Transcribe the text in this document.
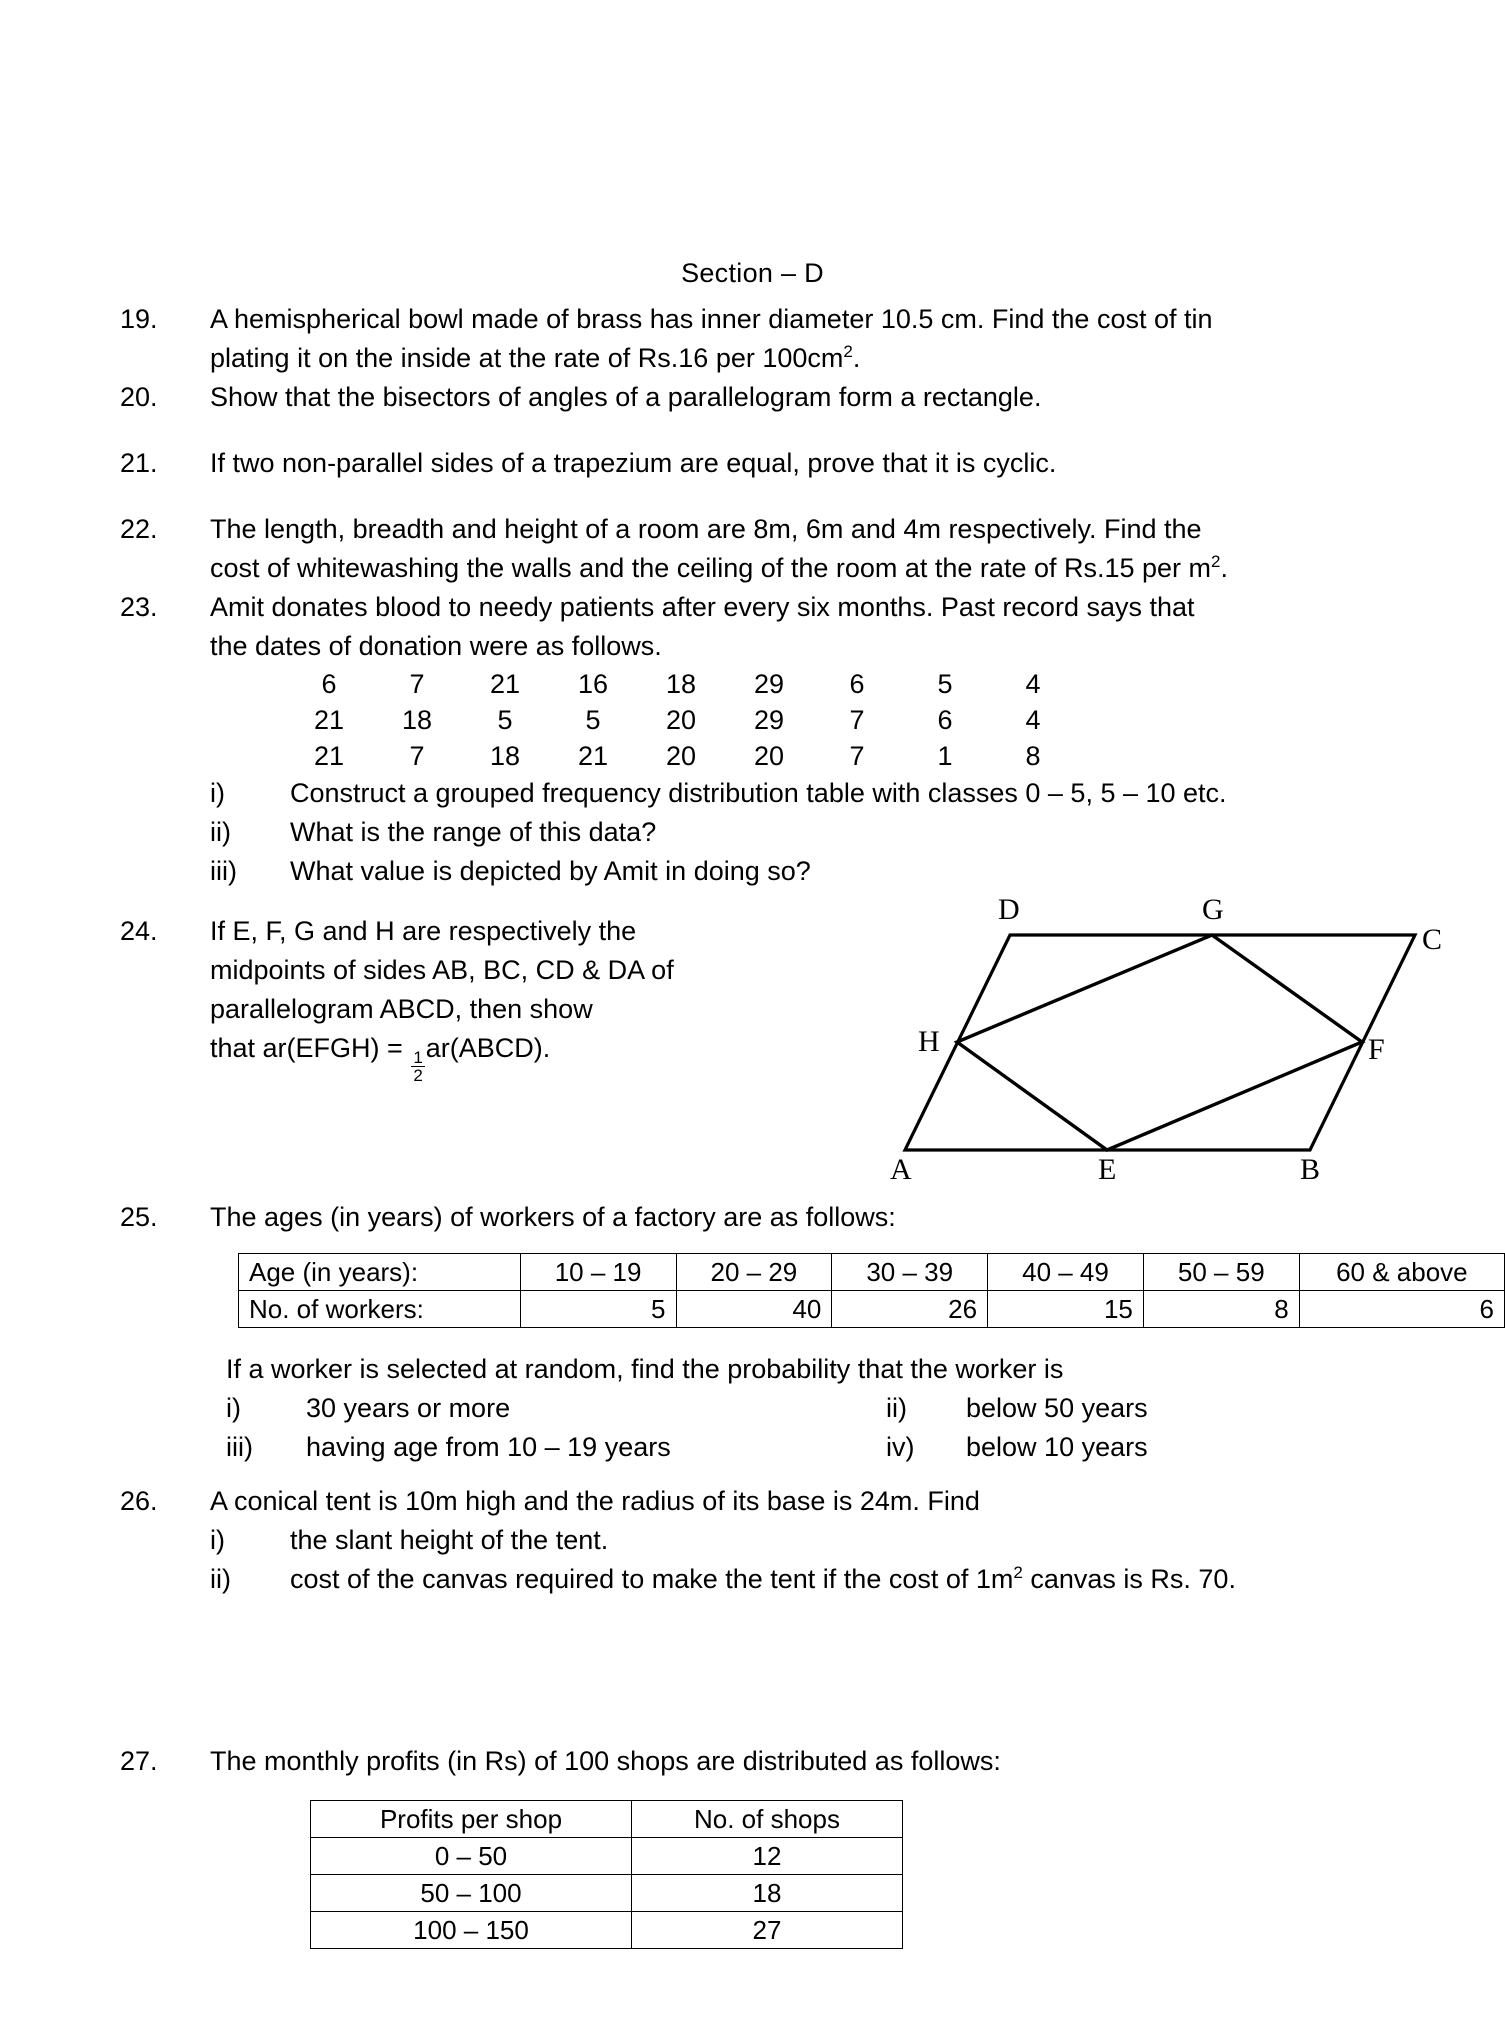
Section – D
19.	A hemispherical bowl made of brass has inner diameter 10.5 cm. Find the cost of tin

plating it on the inside at the rate of Rs.16 per $100cm^2$.

20.	Show that the bisectors of angles of a parallelogram form a rectangle.

21.	If two non-parallel sides of a trapezium are equal, prove that it is cyclic.

22.	The length, breadth and height of a room are 8m, 6m and 4m respectively. Find the

cost of whitewashing the walls and the ceiling of the room at the rate of Rs.15 per $m^2$.

23.	Amit donates blood to needy patients after every six months. Past record says that

the dates of donation were as follows.

6	7	21	16	18	29	6	5	4
21	18	5	5	20	29	7	6	4
21	7	18	21	20	20	7	1	8
i)	Construct a grouped frequency distribution table with classes 0 – 5, 5 – 10 etc.
ii)	What is the range of this data?
iii)	What value is depicted by Amit in doing so?
24.	If E, F, G and H are respectively the

midpoints of sides AB, BC, CD & DA of

parallelogram ABCD, then show

that ar(EFGH) =
$\frac{1}{2}$
ar(ABCD).

D	G
C
H	F
A	E	B
25.	The ages (in years) of workers of a factory are as follows:

Age (in years):	10 – 19	20 – 29	30 – 39	40 – 49	50 – 59	60 & above
No. of workers:	5	40	26	15	8	6

If a worker is selected at random, find the probability that the worker is

i)	30 years or more	ii)	below 50 years
iii)	having age from 10 – 19 years	iv)	below 10 years
26.	A conical tent is 10m high and the radius of its base is 24m. Find

i)	the slant height of the tent.
ii)	cost of the canvas required to make the tent if the cost of $1m^2$ canvas is Rs. 70.
27.	The monthly profits (in Rs) of 100 shops are distributed as follows:

Profits per shop	No. of shops
0 – 50	12
50 – 100	18
100 – 150	27
